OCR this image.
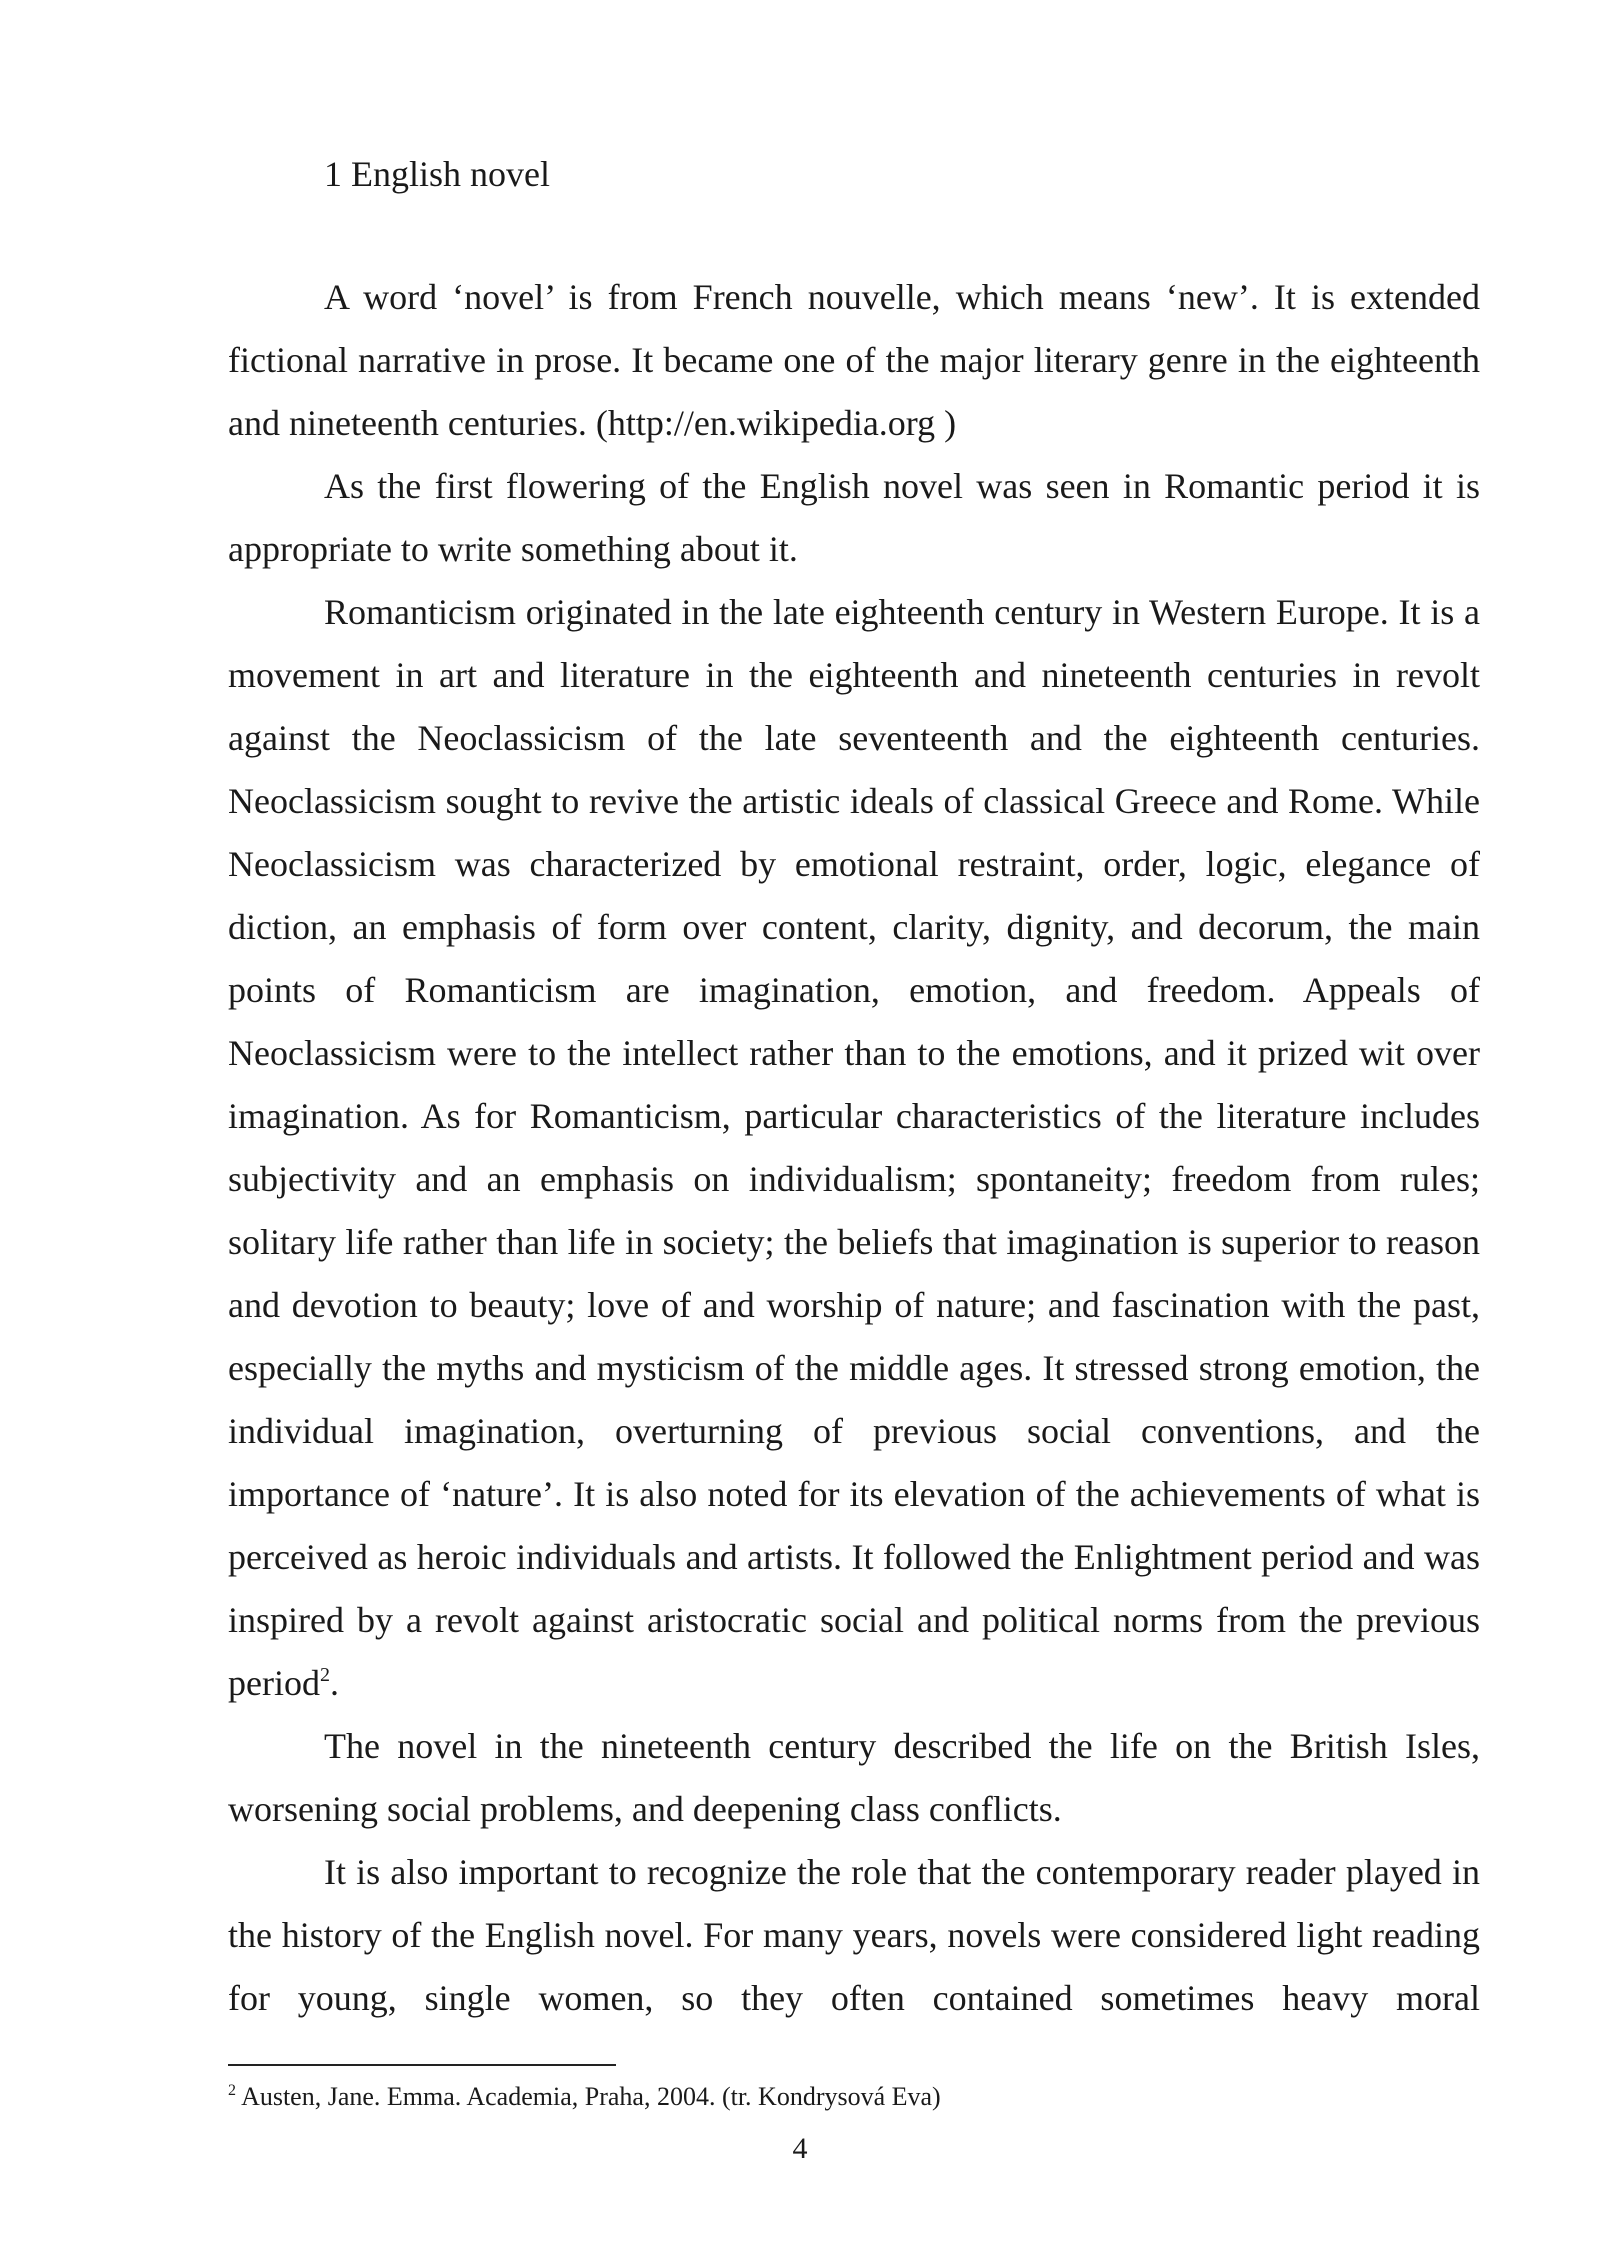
1 English novel

A word ‘novel’ is from French nouvelle, which means ‘new’. It is extended fictional narrative in prose. It became one of the major literary genre in the eighteenth and nineteenth centuries. (http://en.wikipedia.org )

As the first flowering of the English novel was seen in Romantic period it is appropriate to write something about it.

Romanticism originated in the late eighteenth century in Western Europe. It is a movement in art and literature in the eighteenth and nineteenth centuries in revolt against the Neoclassicism of the late seventeenth and the eighteenth centuries. Neoclassicism sought to revive the artistic ideals of classical Greece and Rome. While Neoclassicism was characterized by emotional restraint, order, logic, elegance of diction, an emphasis of form over content, clarity, dignity, and decorum, the main points of Romanticism are imagination, emotion, and freedom. Appeals of Neoclassicism were to the intellect rather than to the emotions, and it prized wit over imagination. As for Romanticism, particular characteristics of the literature includes subjectivity and an emphasis on individualism; spontaneity; freedom from rules; solitary life rather than life in society; the beliefs that imagination is superior to reason and devotion to beauty; love of and worship of nature; and fascination with the past, especially the myths and mysticism of the middle ages. It stressed strong emotion, the individual imagination, overturning of previous social conventions, and the importance of ‘nature’. It is also noted for its elevation of the achievements of what is perceived as heroic individuals and artists. It followed the Enlightment period and was inspired by a revolt against aristocratic social and political norms from the previous period$^2$.

The novel in the nineteenth century described the life on the British Isles, worsening social problems, and deepening class conflicts.

It is also important to recognize the role that the contemporary reader played in the history of the English novel. For many years, novels were considered light reading for young, single women, so they often contained sometimes heavy moral

$^2$ Austen, Jane. Emma. Academia, Praha, 2004. (tr. Kondrysová Eva)

4
